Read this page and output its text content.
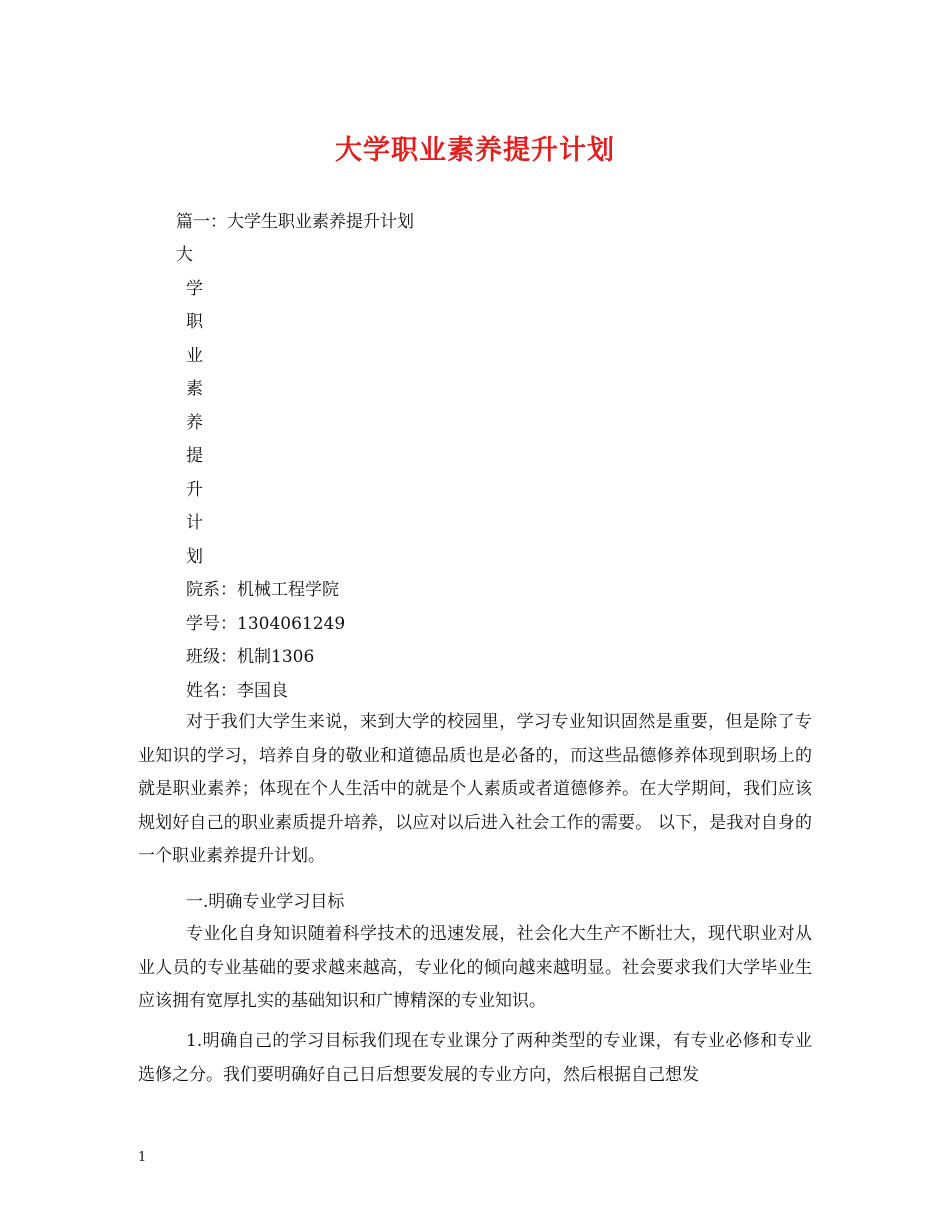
大学职业素养提升计划
篇一：大学生职业素养提升计划
大
学
职
业
素
养
提
升
计
划
院系：机械工程学院
学号：1304061249
班级：机制1306
姓名：李国良
对于我们大学生来说，来到大学的校园里，学习专业知识固然是重要，但是除了专业知识的学习，培养自身的敬业和道德品质也是必备的，而这些品德修养体现到职场上的就是职业素养；体现在个人生活中的就是个人素质或者道德修养。在大学期间，我们应该规划好自己的职业素质提升培养，以应对以后进入社会工作的需要。 以下，是我对自身的一个职业素养提升计划。
一.明确专业学习目标
专业化自身知识随着科学技术的迅速发展，社会化大生产不断壮大，现代职业对从业人员的专业基础的要求越来越高，专业化的倾向越来越明显。社会要求我们大学毕业生应该拥有宽厚扎实的基础知识和广博精深的专业知识。
1.明确自己的学习目标我们现在专业课分了两种类型的专业课，有专业必修和专业选修之分。我们要明确好自己日后想要发展的专业方向，然后根据自己想发
1
